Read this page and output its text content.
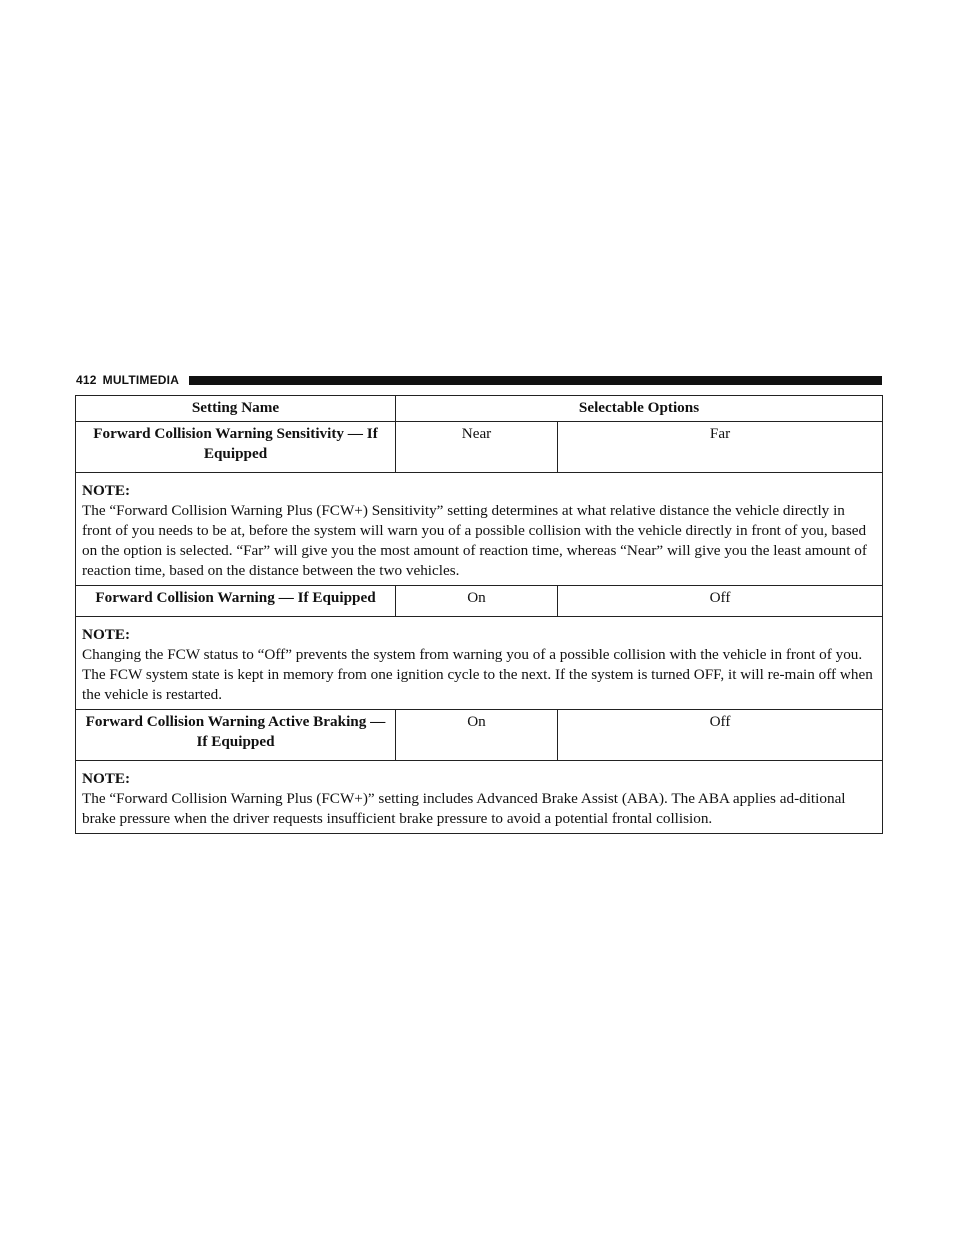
412 MULTIMEDIA
Setting Name	Selectable Options	
Forward Collision Warning Sensitivity — If Equipped	Near	Far

NOTE:
The “Forward Collision Warning Plus (FCW+) Sensitivity” setting determines at what relative distance the vehicle directly in front of you needs to be at, before the system will warn you of a possible collision with the vehicle directly in front of you, based on the option is selected. “Far” will give you the most amount of reaction time, whereas “Near” will give you the least amount of reaction time, based on the distance between the two vehicles.		

Forward Collision Warning — If Equipped	On	Off

NOTE:
Changing the FCW status to “Off” prevents the system from warning you of a possible collision with the vehicle in front of you.
The FCW system state is kept in memory from one ignition cycle to the next. If the system is turned OFF, it will re-main off when the vehicle is restarted.		

Forward Collision Warning Active Braking — If Equipped	On	Off

NOTE:
The “Forward Collision Warning Plus (FCW+)” setting includes Advanced Brake Assist (ABA). The ABA applies ad-ditional brake pressure when the driver requests insufficient brake pressure to avoid a potential frontal collision.		
